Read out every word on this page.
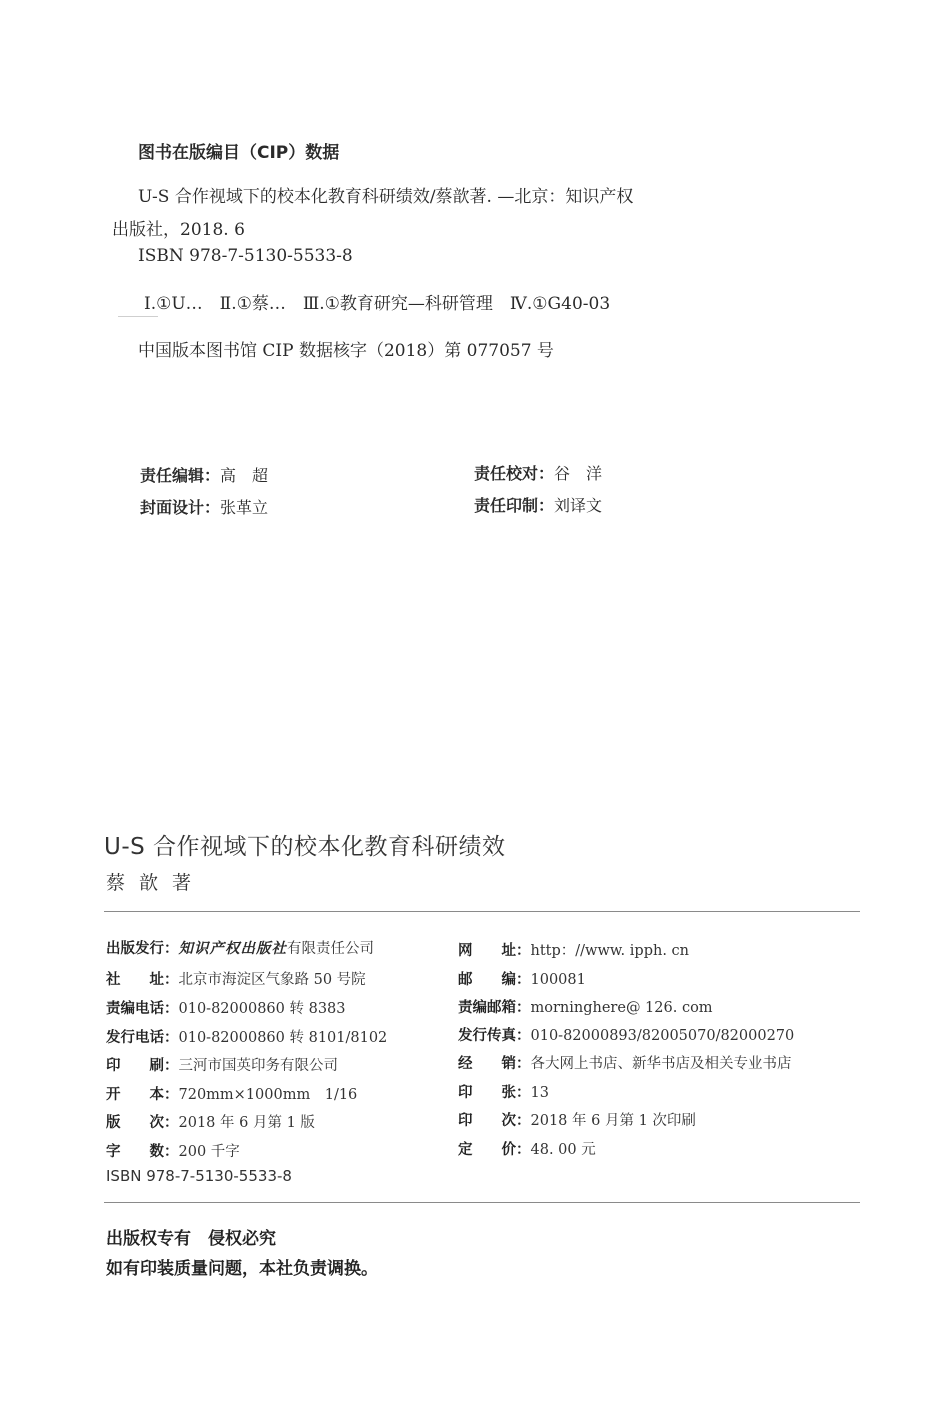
图书在版编目（CIP）数据
U-S 合作视域下的校本化教育科研绩效/蔡歆著. —北京：知识产权
出版社，2018. 6
ISBN 978-7-5130-5533-8
Ⅰ.①U…　Ⅱ.①蔡…　Ⅲ.①教育研究—科研管理　Ⅳ.①G40-03
中国版本图书馆 CIP 数据核字（2018）第 077057 号
责任编辑：高　超	责任校对：谷　洋
封面设计：张革立	责任印制：刘译文
U-S 合作视域下的校本化教育科研绩效
蔡歆著
出版发行：知识产权出版社有限责任公司	网　　址：http：//www. ipph. cn
社　　址：北京市海淀区气象路 50 号院	邮　　编：100081
责编电话：010-82000860 转 8383	责编邮箱：morninghere@ 126. com
发行电话：010-82000860 转 8101/8102	发行传真：010-82000893/82005070/82000270
印　　刷：三河市国英印务有限公司	经　　销：各大网上书店、新华书店及相关专业书店
开　　本：720mm×1000mm　1/16	印　　张：13
版　　次：2018 年 6 月第 1 版	印　　次：2018 年 6 月第 1 次印刷
字　　数：200 千字	定　　价：48. 00 元
ISBN 978-7-5130-5533-8
出版权专有　侵权必究
如有印装质量问题，本社负责调换。
